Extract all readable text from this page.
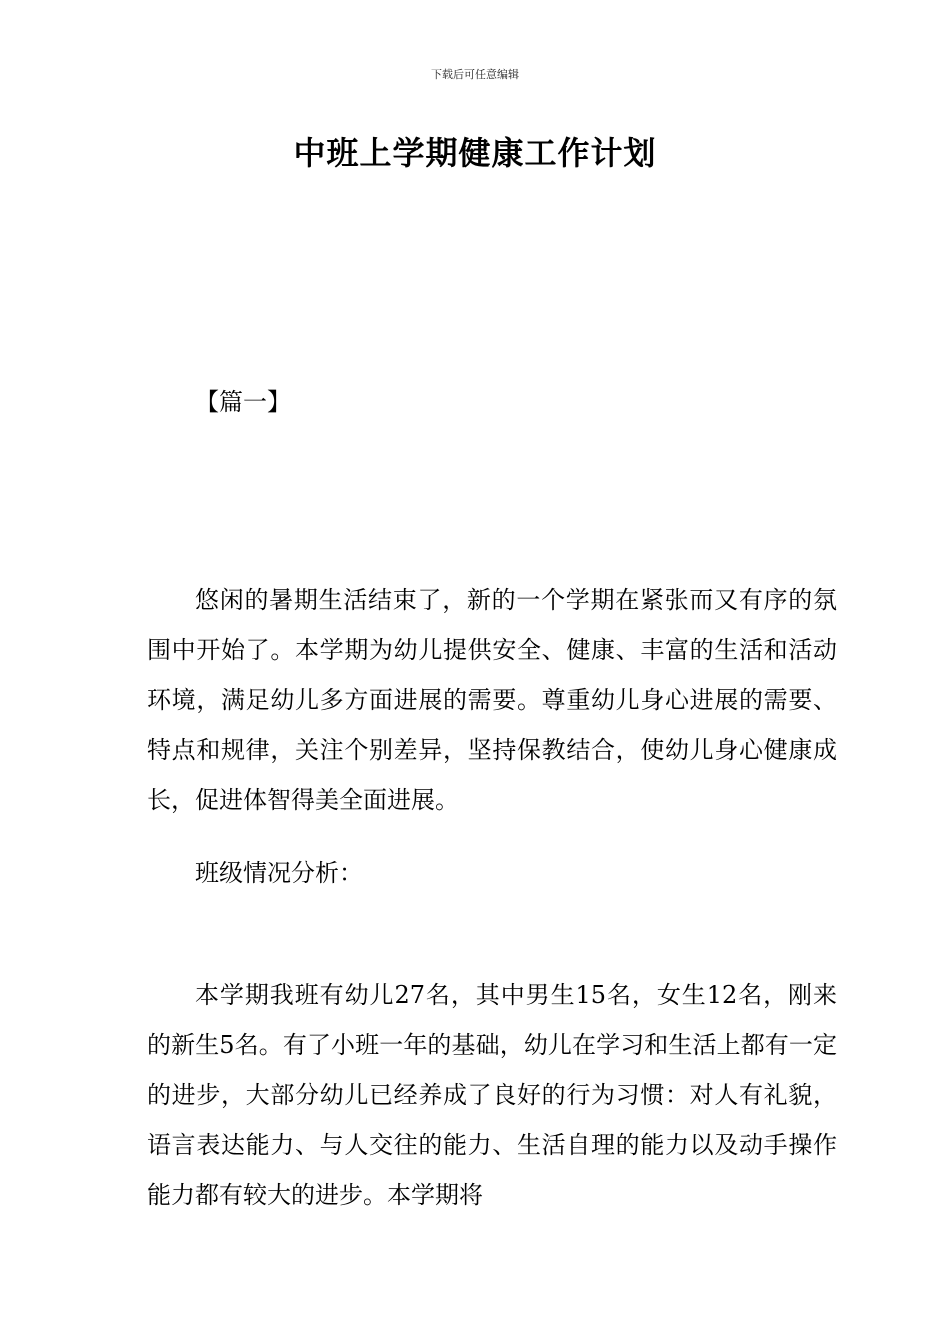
下载后可任意编辑
中班上学期健康工作计划
【篇一】

悠闲的暑期生活结束了，新的一个学期在紧张而又有序的氛围中开始了。本学期为幼儿提供安全、健康、丰富的生活和活动环境，满足幼儿多方面进展的需要。尊重幼儿身心进展的需要、特点和规律，关注个别差异，坚持保教结合，使幼儿身心健康成长，促进体智得美全面进展。

班级情况分析：

本学期我班有幼儿27名，其中男生15名，女生12名，刚来的新生5名。有了小班一年的基础，幼儿在学习和生活上都有一定的进步，大部分幼儿已经养成了良好的行为习惯：对人有礼貌，语言表达能力、与人交往的能力、生活自理的能力以及动手操作能力都有较大的进步。本学期将
